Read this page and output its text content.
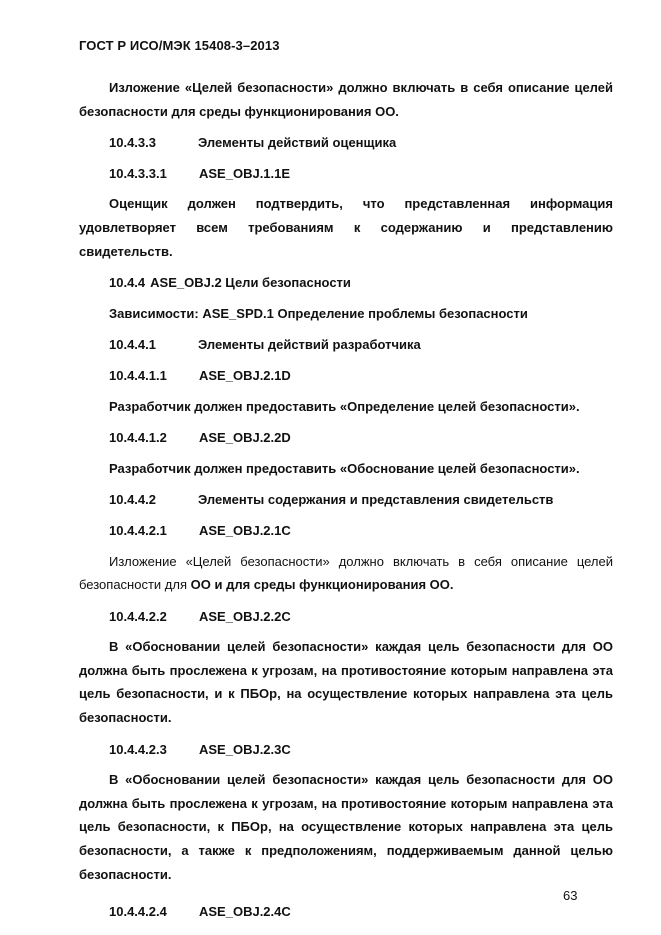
ГОСТ Р ИСО/МЭК 15408-3–2013

Изложение «Целей безопасности» должно включать в себя описание целей безопасности для среды функционирования ОО.

10.4.3.3	Элементы действий оценщика
10.4.3.3.1	ASE_OBJ.1.1E

Оценщик должен подтвердить, что представленная информация
удовлетворяет всем требованиям к содержанию и представлению
свидетельств.

10.4.4 ASE_OBJ.2 Цели безопасности

Зависимости: ASE_SPD.1 Определение проблемы безопасности

10.4.4.1	Элементы действий разработчика
10.4.4.1.1	ASE_OBJ.2.1D

Разработчик должен предоставить «Определение целей безопасности».

10.4.4.1.2	ASE_OBJ.2.2D

Разработчик должен предоставить «Обоснование целей безопасности».

10.4.4.2	Элементы содержания и представления свидетельств
10.4.4.2.1	ASE_OBJ.2.1C

Изложение «Целей безопасности» должно включать в себя описание целей безопасности для ОО и для среды функционирования ОО.

10.4.4.2.2	ASE_OBJ.2.2C

В «Обосновании целей безопасности» каждая цель безопасности для ОО должна быть прослежена к угрозам, на противостояние которым направлена эта цель безопасности, и к ПБОр, на осуществление которых направлена эта цель безопасности.

10.4.4.2.3	ASE_OBJ.2.3C

В «Обосновании целей безопасности» каждая цель безопасности для ОО должна быть прослежена к угрозам, на противостояние которым направлена эта цель безопасности, к ПБОр, на осуществление которых направлена эта цель безопасности, а также к предположениям, поддерживаемым данной целью безопасности.

10.4.4.2.4	ASE_OBJ.2.4C
63
